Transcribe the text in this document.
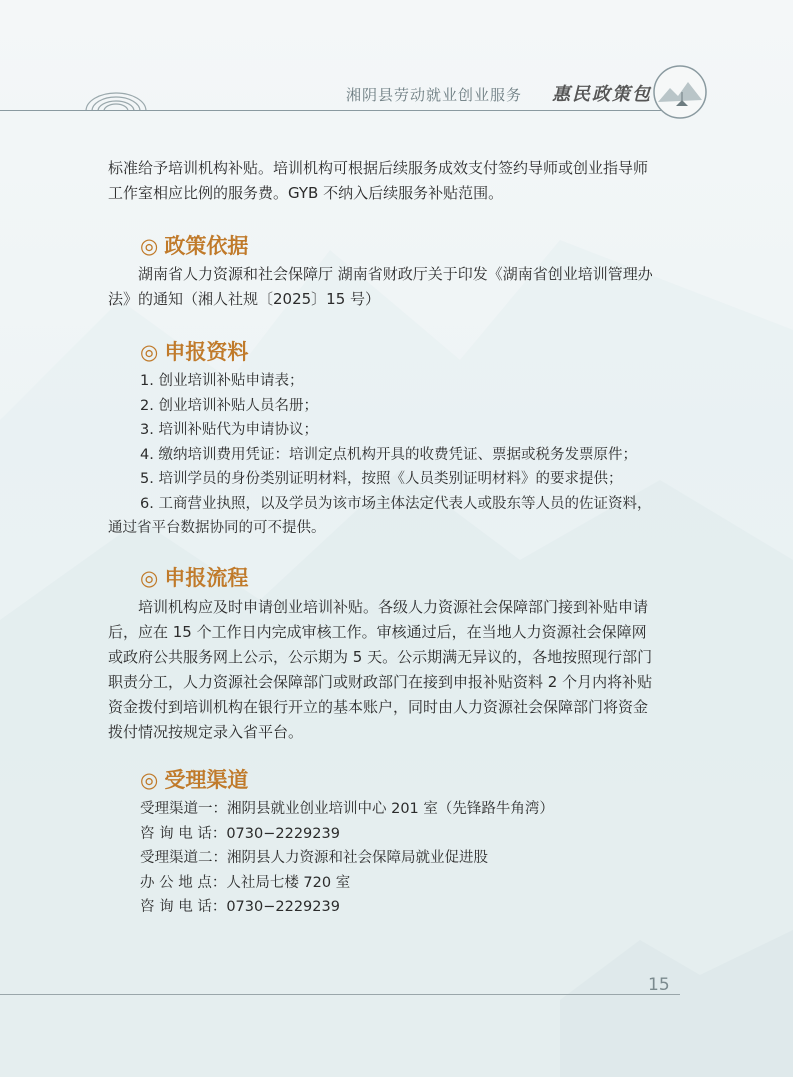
湘阴县劳动就业创业服务 惠民政策包
标准给予培训机构补贴。培训机构可根据后续服务成效支付签约导师或创业指导师
工作室相应比例的服务费。GYB 不纳入后续服务补贴范围。
◎ 政策依据
　　湖南省人力资源和社会保障厅 湖南省财政厅关于印发《湖南省创业培训管理办
法》的通知（湘人社规〔2025〕15 号）
◎ 申报资料
1. 创业培训补贴申请表；
2. 创业培训补贴人员名册；
3. 培训补贴代为申请协议；
4. 缴纳培训费用凭证：培训定点机构开具的收费凭证、票据或税务发票原件；
5. 培训学员的身份类别证明材料，按照《人员类别证明材料》的要求提供；
6. 工商营业执照，以及学员为该市场主体法定代表人或股东等人员的佐证资料，
通过省平台数据协同的可不提供。
◎ 申报流程
　　培训机构应及时申请创业培训补贴。各级人力资源社会保障部门接到补贴申请
后，应在 15 个工作日内完成审核工作。审核通过后，在当地人力资源社会保障网
或政府公共服务网上公示，公示期为 5 天。公示期满无异议的，各地按照现行部门
职责分工，人力资源社会保障部门或财政部门在接到申报补贴资料 2 个月内将补贴
资金拨付到培训机构在银行开立的基本账户，同时由人力资源社会保障部门将资金
拨付情况按规定录入省平台。
◎ 受理渠道
受理渠道一：湘阴县就业创业培训中心 201 室（先锋路牛角湾）
咨 询 电 话：0730−2229239
受理渠道二：湘阴县人力资源和社会保障局就业促进股
办 公 地 点：人社局七楼 720 室
咨 询 电 话：0730−2229239
15
